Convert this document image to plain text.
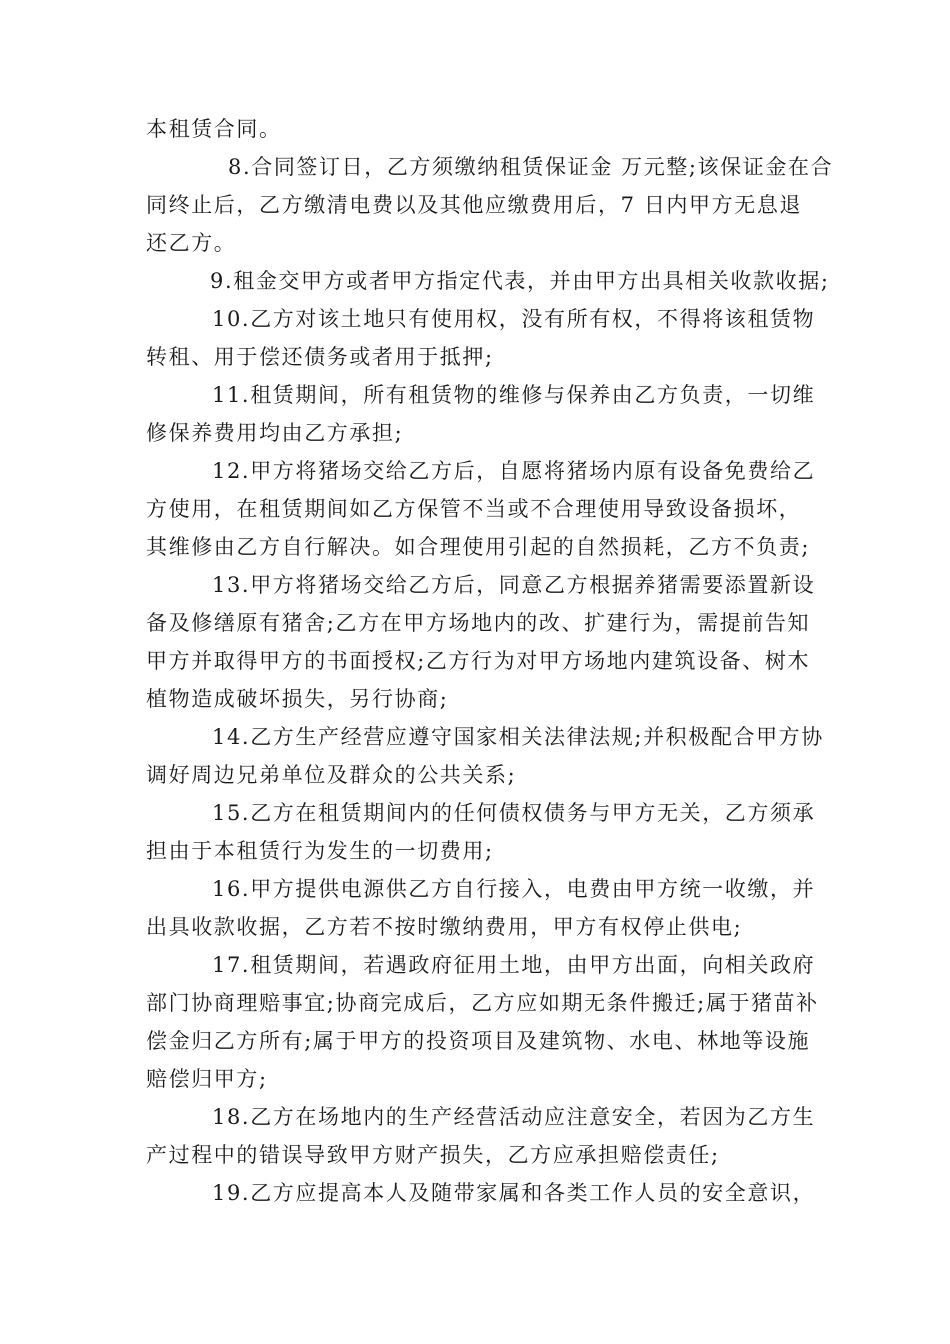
本租赁合同。
8.合同签订日，乙方须缴纳租赁保证金 万元整;该保证金在合
同终止后，乙方缴清电费以及其他应缴费用后，7 日内甲方无息退
还乙方。
9.租金交甲方或者甲方指定代表，并由甲方出具相关收款收据;
10.乙方对该土地只有使用权，没有所有权，不得将该租赁物
转租、用于偿还债务或者用于抵押;
11.租赁期间，所有租赁物的维修与保养由乙方负责，一切维
修保养费用均由乙方承担;
12.甲方将猪场交给乙方后，自愿将猪场内原有设备免费给乙
方使用，在租赁期间如乙方保管不当或不合理使用导致设备损坏，
其维修由乙方自行解决。如合理使用引起的自然损耗，乙方不负责;
13.甲方将猪场交给乙方后，同意乙方根据养猪需要添置新设
备及修缮原有猪舍;乙方在甲方场地内的改、扩建行为，需提前告知
甲方并取得甲方的书面授权;乙方行为对甲方场地内建筑设备、树木
植物造成破坏损失，另行协商;
14.乙方生产经营应遵守国家相关法律法规;并积极配合甲方协
调好周边兄弟单位及群众的公共关系;
15.乙方在租赁期间内的任何债权债务与甲方无关，乙方须承
担由于本租赁行为发生的一切费用;
16.甲方提供电源供乙方自行接入，电费由甲方统一收缴，并
出具收款收据，乙方若不按时缴纳费用，甲方有权停止供电;
17.租赁期间，若遇政府征用土地，由甲方出面，向相关政府
部门协商理赔事宜;协商完成后，乙方应如期无条件搬迁;属于猪苗补
偿金归乙方所有;属于甲方的投资项目及建筑物、水电、林地等设施
赔偿归甲方;
18.乙方在场地内的生产经营活动应注意安全，若因为乙方生
产过程中的错误导致甲方财产损失，乙方应承担赔偿责任;
19.乙方应提高本人及随带家属和各类工作人员的安全意识，
